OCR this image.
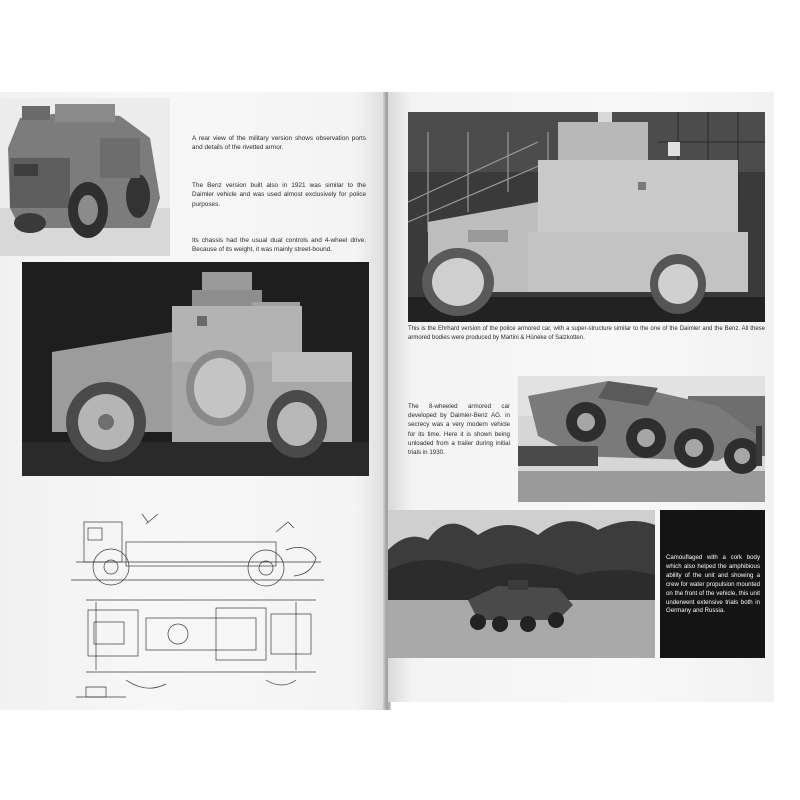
A rear view of the military version shows observation ports and details of the rivetted armor.
The Benz version built also in 1921 was similar to the Daimler vehicle and was used almost exclusively for police purposes.
Its chassis had the usual dual controls and 4-wheel drive. Because of its weight, it was mainly street-bound.
This is the Ehrhard version of the police armored car, with a super-structure similar to the one of the Daimler and the Benz. All these armored bodies were produced by Martini & Hüneke of Salzkotten.
The 8-wheeled armored car developed by Daimler-Benz AG. in secrecy was a very modern vehicle for its time. Here it is shown being unloaded from a trailer during initial trials in 1930.
Camouflaged with a cork body which also helped the amphibious ability of the unit and showing a crew for water propulsion mounted on the front of the vehicle, this unit underwent extensive trials both in Germany and Russia.
